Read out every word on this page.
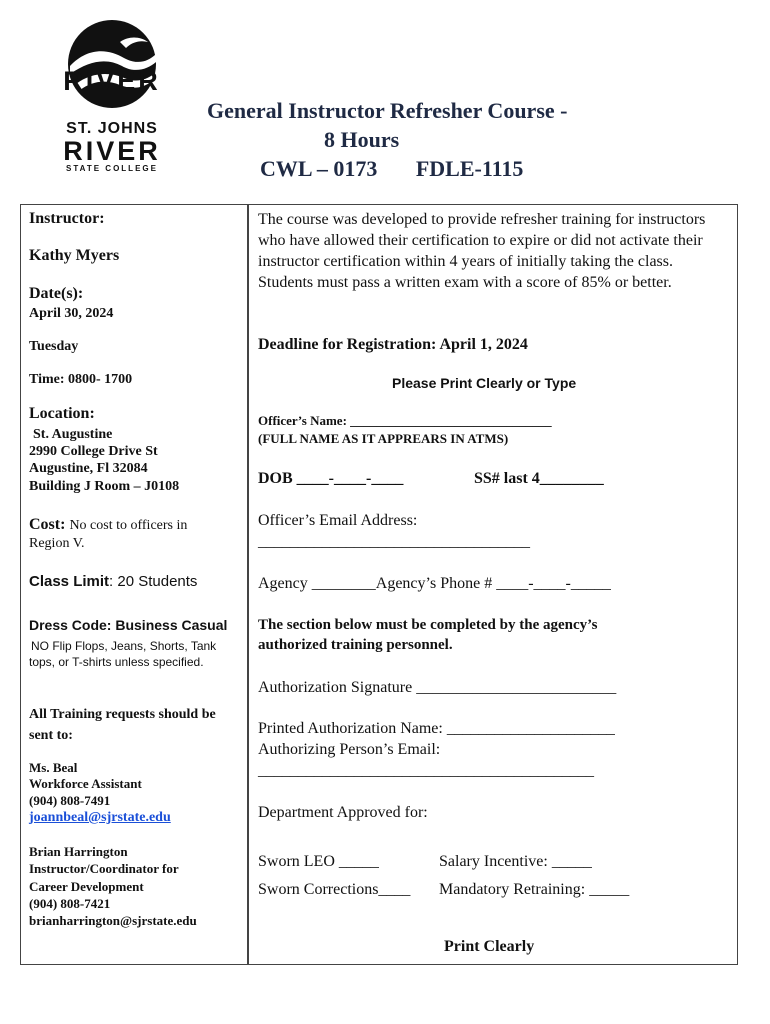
RIVER
ST. JOHNS
RIVER
STATE COLLEGE
General Instructor Refresher Course -
8 Hours
CWL – 0173 FDLE-1115
Instructor:
Kathy Myers
Date(s):
April 30, 2024
Tuesday
Time: 0800- 1700
Location:
St. Augustine
2990 College Drive St
Augustine, Fl 32084
Building J Room – J0108
Cost: No cost to officers in
Region V.
Class Limit: 20 Students
Dress Code: Business Casual
NO Flip Flops, Jeans, Shorts, Tank
tops, or T-shirts unless specified.
All Training requests should be
sent to:
Ms. Beal
Workforce Assistant
(904) 808-7491
joannbeal@sjrstate.edu
Brian Harrington
Instructor/Coordinator for
Career Development
(904) 808-7421
brianharrington@sjrstate.edu
The course was developed to provide refresher training for instructors who have allowed their certification to expire or did not activate their instructor certification within 4 years of initially taking the class.
Students must pass a written exam with a score of 85% or better.
Deadline for Registration: April 1, 2024
Please Print Clearly or Type
Officer’s Name: _______________________________
(FULL NAME AS IT APPREARS IN ATMS)
DOB ____-____-____	SS# last 4________
Officer’s Email Address:
__________________________________
Agency ________Agency’s Phone # ____-____-_____
The section below must be completed by the agency’s
authorized training personnel.
Authorization Signature _________________________
Printed Authorization Name: _____________________
Authorizing Person’s Email:
__________________________________________
Department Approved for:
Sworn LEO _____	Salary Incentive: _____
Sworn Corrections____ Mandatory Retraining: _____
Print Clearly
